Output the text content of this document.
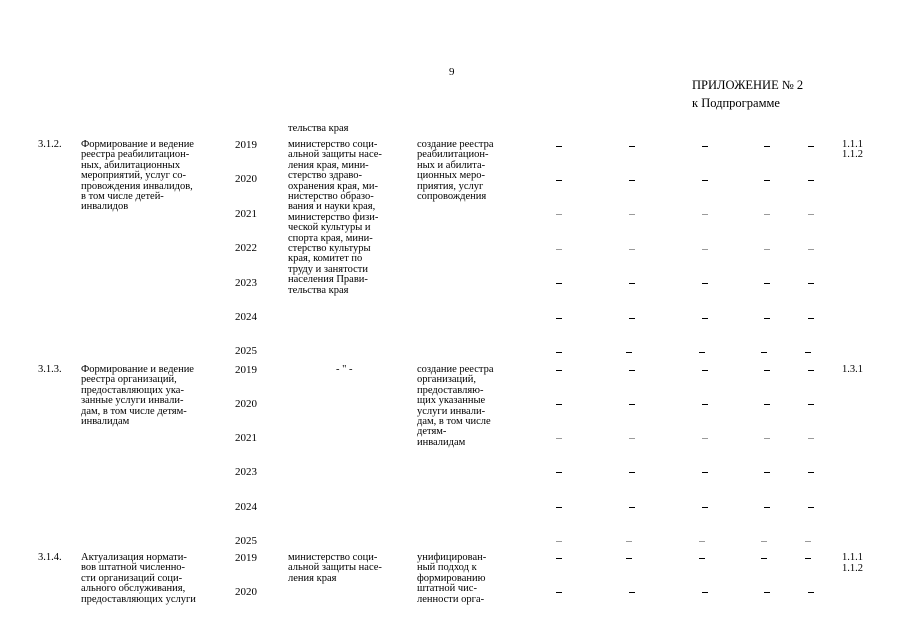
9
ПРИЛОЖЕНИЕ № 2
к Подпрограмме
тельства края
3.1.2. Формирование и ведение
реестра реабилитацион-
ных, абилитационных
мероприятий, услуг со-
провождения инвалидов,
в том числе детей-
инвалидов
2019
2020
2021
2022
2023
2024
2025
министерство соци-
альной защиты насе-
ления края, мини-
стерство здраво-
охранения края, ми-
нистерство образо-
вания и науки края,
министерство физи-
ческой культуры и
спорта края, мини-
стерство культуры
края, комитет по
труду и занятости
населения Прави-
тельства края
создание реестра
реабилитацион-
ных и абилита-
ционных меро-
приятия, услуг
сопровождения
1.1.1
1.1.2
3.1.3. Формирование и ведение
реестра организаций,
предоставляющих ука-
занные услуги инвали-
дам, в том числе детям-
инвалидам
2019
2020
2021
2023
2024
2025
- " -	создание реестра
организаций,
предоставляю-
щих указанные
услуги инвали-
дам, в том числе
детям-
инвалидам
1.3.1
3.1.4. Актуализация нормати-
вов штатной численно-
сти организаций соци-
ального обслуживания,
предоставляющих услуги
2019
2020
министерство соци-
альной защиты насе-
ления края
унифицирован-
ный подход к
формированию
штатной чис-
ленности орга-
1.1.1
1.1.2
